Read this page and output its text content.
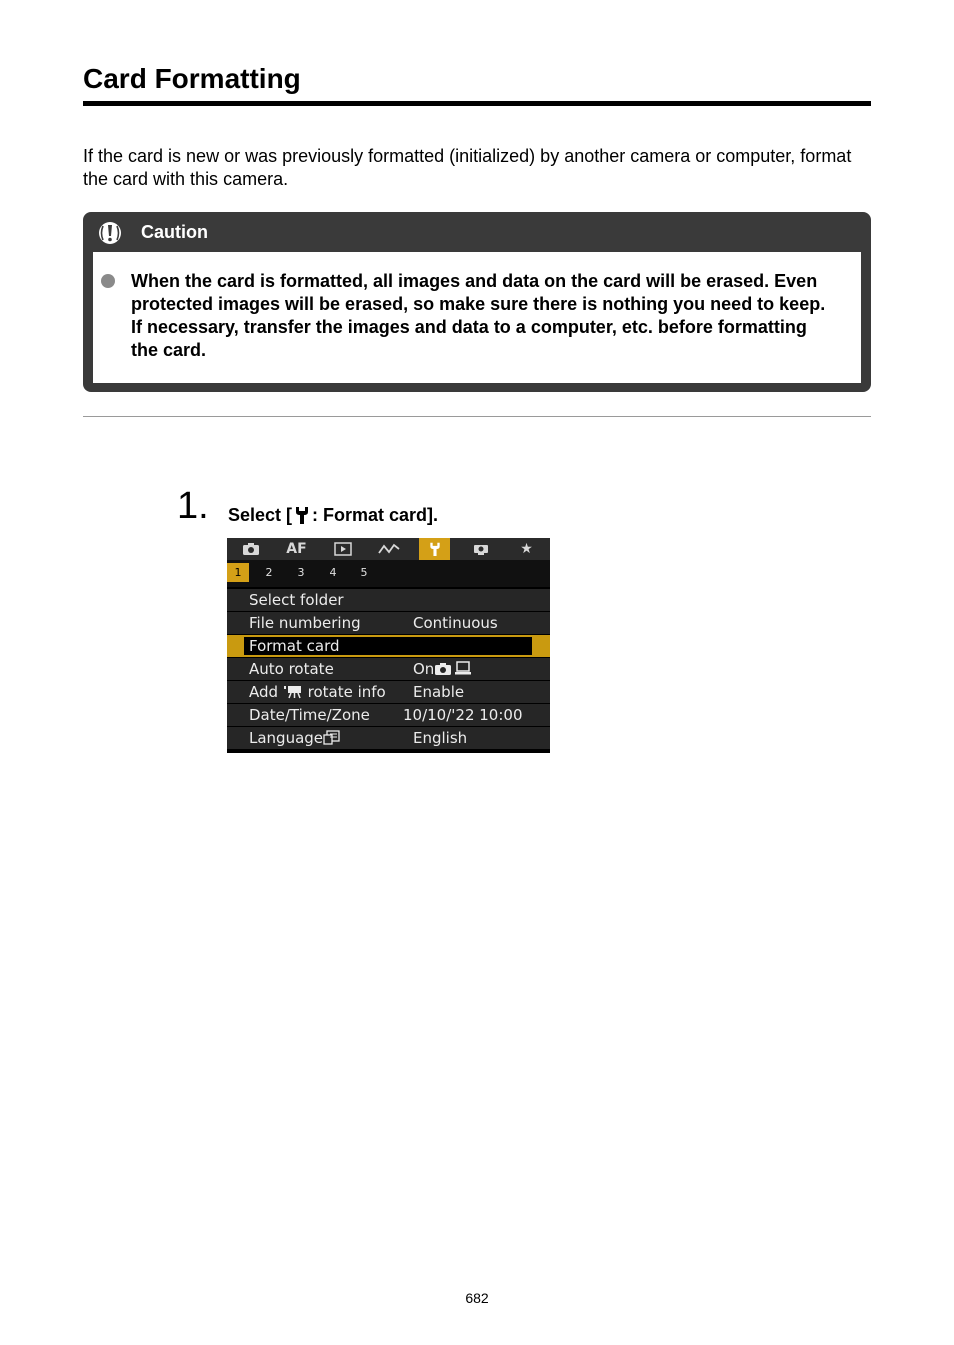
Card Formatting
If the card is new or was previously formatted (initialized) by another camera or computer, format the card with this camera.
Caution
When the card is formatted, all images and data on the card will be erased. Even protected images will be erased, so make sure there is nothing you need to keep. If necessary, transfer the images and data to a computer, etc. before formatting the card.
1. Select [ : Format card].
AF	★
1	2	3	4	5
Select folder
File numbering	Continuous
Format card
Auto rotate	On
Add rotate info Enable
Date/Time/Zone 10/10/'22 10:00
Language	English
682
